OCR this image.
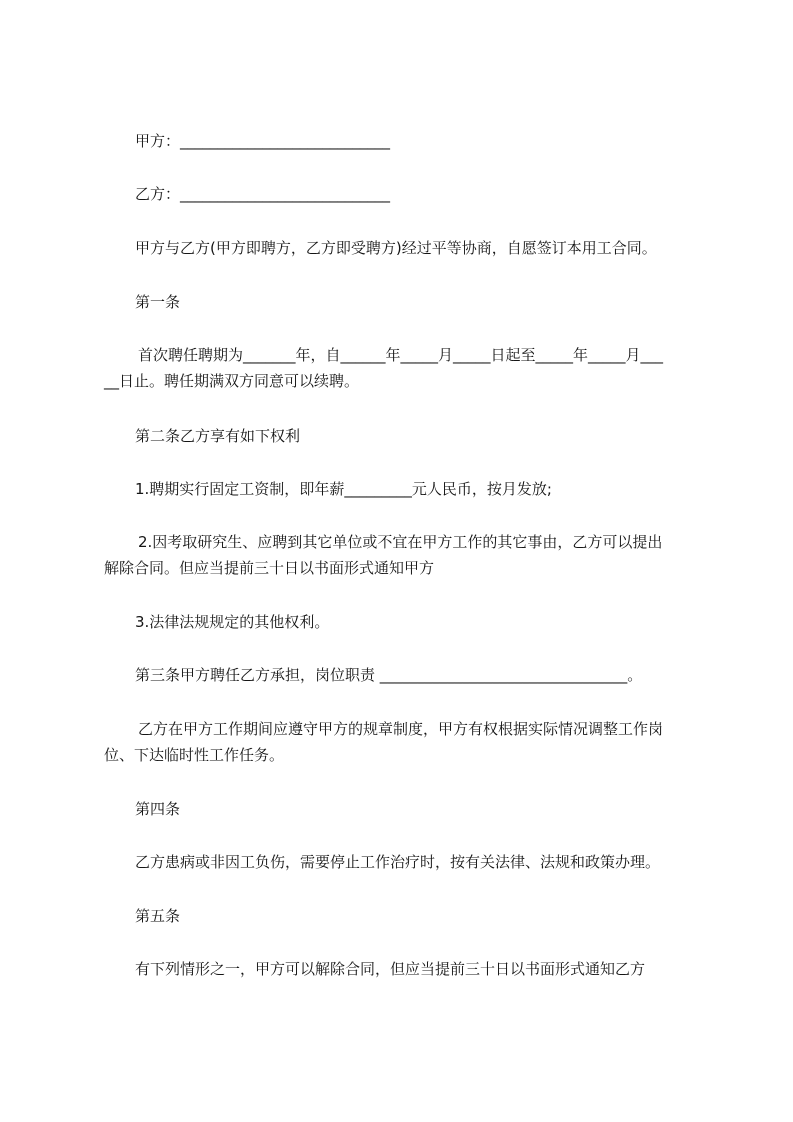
甲方：____________________________
乙方：____________________________
甲方与乙方(甲方即聘方，乙方即受聘方)经过平等协商，自愿签订本用工合同。
第一条
首次聘任聘期为_______年，自______年_____月_____日起至_____年_____月___
__日止。聘任期满双方同意可以续聘。
第二条乙方享有如下权利
1.聘期实行固定工资制，即年薪_________元人民币，按月发放;
2.因考取研究生、应聘到其它单位或不宜在甲方工作的其它事由，乙方可以提出
解除合同。但应当提前三十日以书面形式通知甲方
3.法律法规规定的其他权利。
第三条甲方聘任乙方承担，岗位职责 _________________________________。
乙方在甲方工作期间应遵守甲方的规章制度，甲方有权根据实际情况调整工作岗
位、下达临时性工作任务。
第四条
乙方患病或非因工负伤，需要停止工作治疗时，按有关法律、法规和政策办理。
第五条
有下列情形之一，甲方可以解除合同，但应当提前三十日以书面形式通知乙方
